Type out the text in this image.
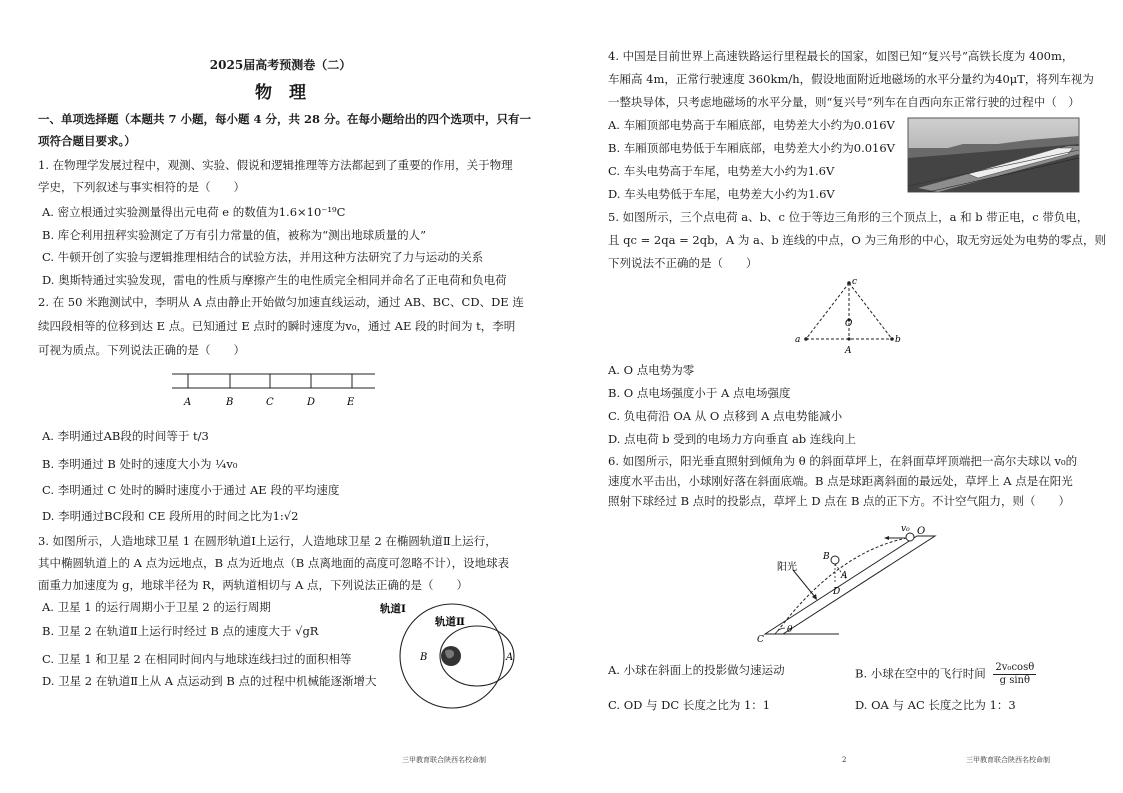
2025届高考预测卷（二）
物　理
一、单项选择题（本题共 7 小题，每小题 4 分，共 28 分。在每小题给出的四个选项中，只有一
项符合题目要求。）
1. 在物理学发展过程中，观测、实验、假说和逻辑推理等方法都起到了重要的作用，关于物理
学史，下列叙述与事实相符的是（　　）
A. 密立根通过实验测量得出元电荷 e 的数值为1.6×10⁻¹⁹C
B. 库仑利用扭秤实验测定了万有引力常量的值，被称为“测出地球质量的人”
C. 牛顿开创了实验与逻辑推理相结合的试验方法，并用这种方法研究了力与运动的关系
D. 奥斯特通过实验发现，雷电的性质与摩擦产生的电性质完全相同并命名了正电荷和负电荷
2. 在 50 米跑测试中，李明从 A 点由静止开始做匀加速直线运动，通过 AB、BC、CD、DE 连
续四段相等的位移到达 E 点。已知通过 E 点时的瞬时速度为v₀，通过 AE 段的时间为 t，李明
可视为质点。下列说法正确的是（　　）
A	B	C	D	E
A. 李明通过AB段的时间等于 t/3
B. 李明通过 B 处时的速度大小为 ¼v₀
C. 李明通过 C 处时的瞬时速度小于通过 AE 段的平均速度
D. 李明通过BC段和 CE 段所用的时间之比为1:√2
3. 如图所示，人造地球卫星 1 在圆形轨道Ⅰ上运行，人造地球卫星 2 在椭圆轨道Ⅱ上运行，
其中椭圆轨道上的 A 点为远地点，B 点为近地点（B 点离地面的高度可忽略不计），设地球表
面重力加速度为 g，地球半径为 R，两轨道相切与 A 点，下列说法正确的是（　　）
A. 卫星 1 的运行周期小于卫星 2 的运行周期
B. 卫星 2 在轨道Ⅱ上运行时经过 B 点的速度大于 √gR
C. 卫星 1 和卫星 2 在相同时间内与地球连线扫过的面积相等
D. 卫星 2 在轨道Ⅱ上从 A 点运动到 B 点的过程中机械能逐渐增大
轨道Ⅰ
轨道Ⅱ
B	A
三甲教育联合陕西名校命制
4. 中国是目前世界上高速铁路运行里程最长的国家，如图已知“复兴号”高铁长度为 400m，
车厢高 4m，正常行驶速度 360km/h，假设地面附近地磁场的水平分量约为40μT，将列车视为
一整块导体，只考虑地磁场的水平分量，则“复兴号”列车在自西向东正常行驶的过程中（　）
A. 车厢顶部电势高于车厢底部，电势差大小约为0.016V
B. 车厢顶部电势低于车厢底部，电势差大小约为0.016V
C. 车头电势高于车尾，电势差大小约为1.6V
D. 车头电势低于车尾，电势差大小约为1.6V
5. 如图所示，三个点电荷 a、b、c 位于等边三角形的三个顶点上，a 和 b 带正电，c 带负电，
且 qc = 2qa = 2qb，A 为 a、b 连线的中点，O 为三角形的中心，取无穷远处为电势的零点，则
下列说法不正确的是（　　）
c
O
a	b
A
A. O 点电势为零
B. O 点电场强度小于 A 点电场强度
C. 负电荷沿 OA 从 O 点移到 A 点电势能减小
D. 点电荷 b 受到的电场力方向垂直 ab 连线向上
6. 如图所示，阳光垂直照射到倾角为 θ 的斜面草坪上，在斜面草坪顶端把一高尔夫球以 v₀的
速度水平击出，小球刚好落在斜面底端。B 点是球距离斜面的最远处，草坪上 A 点是在阳光
照射下球经过 B 点时的投影点，草坪上 D 点在 B 点的正下方。不计空气阻力，则（　　）
v₀ O
B
A
D
C
θ
阳光
A. 小球在斜面上的投影做匀速运动	B. 小球在空中的飞行时间 $\frac{\text{2v₀cosθ}}{\text{g sinθ}}$
C. OD 与 DC 长度之比为 1：1	D. OA 与 AC 长度之比为 1：3
2	三甲教育联合陕西名校命制
